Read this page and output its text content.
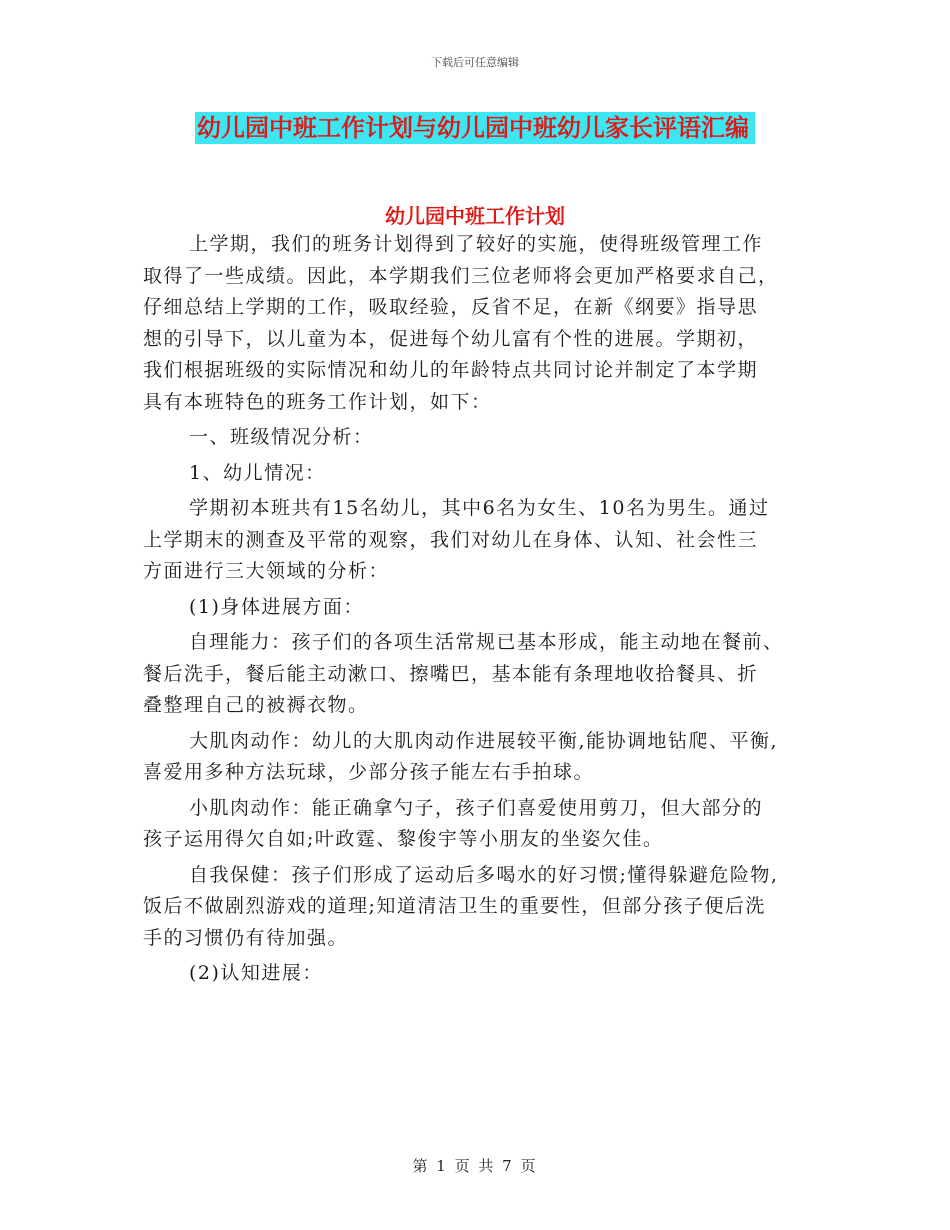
下载后可任意编辑
幼儿园中班工作计划与幼儿园中班幼儿家长评语汇编
幼儿园中班工作计划

上学期，我们的班务计划得到了较好的实施，使得班级管理工作

取得了一些成绩。因此，本学期我们三位老师将会更加严格要求自己，

仔细总结上学期的工作，吸取经验，反省不足，在新《纲要》指导思

想的引导下，以儿童为本，促进每个幼儿富有个性的进展。学期初，

我们根据班级的实际情况和幼儿的年龄特点共同讨论并制定了本学期

具有本班特色的班务工作计划，如下：

一、班级情况分析：

1、幼儿情况：

学期初本班共有15名幼儿，其中6名为女生、10名为男生。通过

上学期末的测查及平常的观察，我们对幼儿在身体、认知、社会性三

方面进行三大领域的分析：

(1)身体进展方面：

自理能力：孩子们的各项生活常规已基本形成，能主动地在餐前、

餐后洗手，餐后能主动漱口、擦嘴巴，基本能有条理地收拾餐具、折

叠整理自己的被褥衣物。

大肌肉动作：幼儿的大肌肉动作进展较平衡,能协调地钻爬、平衡,

喜爱用多种方法玩球，少部分孩子能左右手拍球。

小肌肉动作：能正确拿勺子，孩子们喜爱使用剪刀，但大部分的

孩子运用得欠自如;叶政霆、黎俊宇等小朋友的坐姿欠佳。

自我保健：孩子们形成了运动后多喝水的好习惯;懂得躲避危险物,

饭后不做剧烈游戏的道理;知道清洁卫生的重要性，但部分孩子便后洗

手的习惯仍有待加强。

(2)认知进展：

第 1 页 共 7 页
